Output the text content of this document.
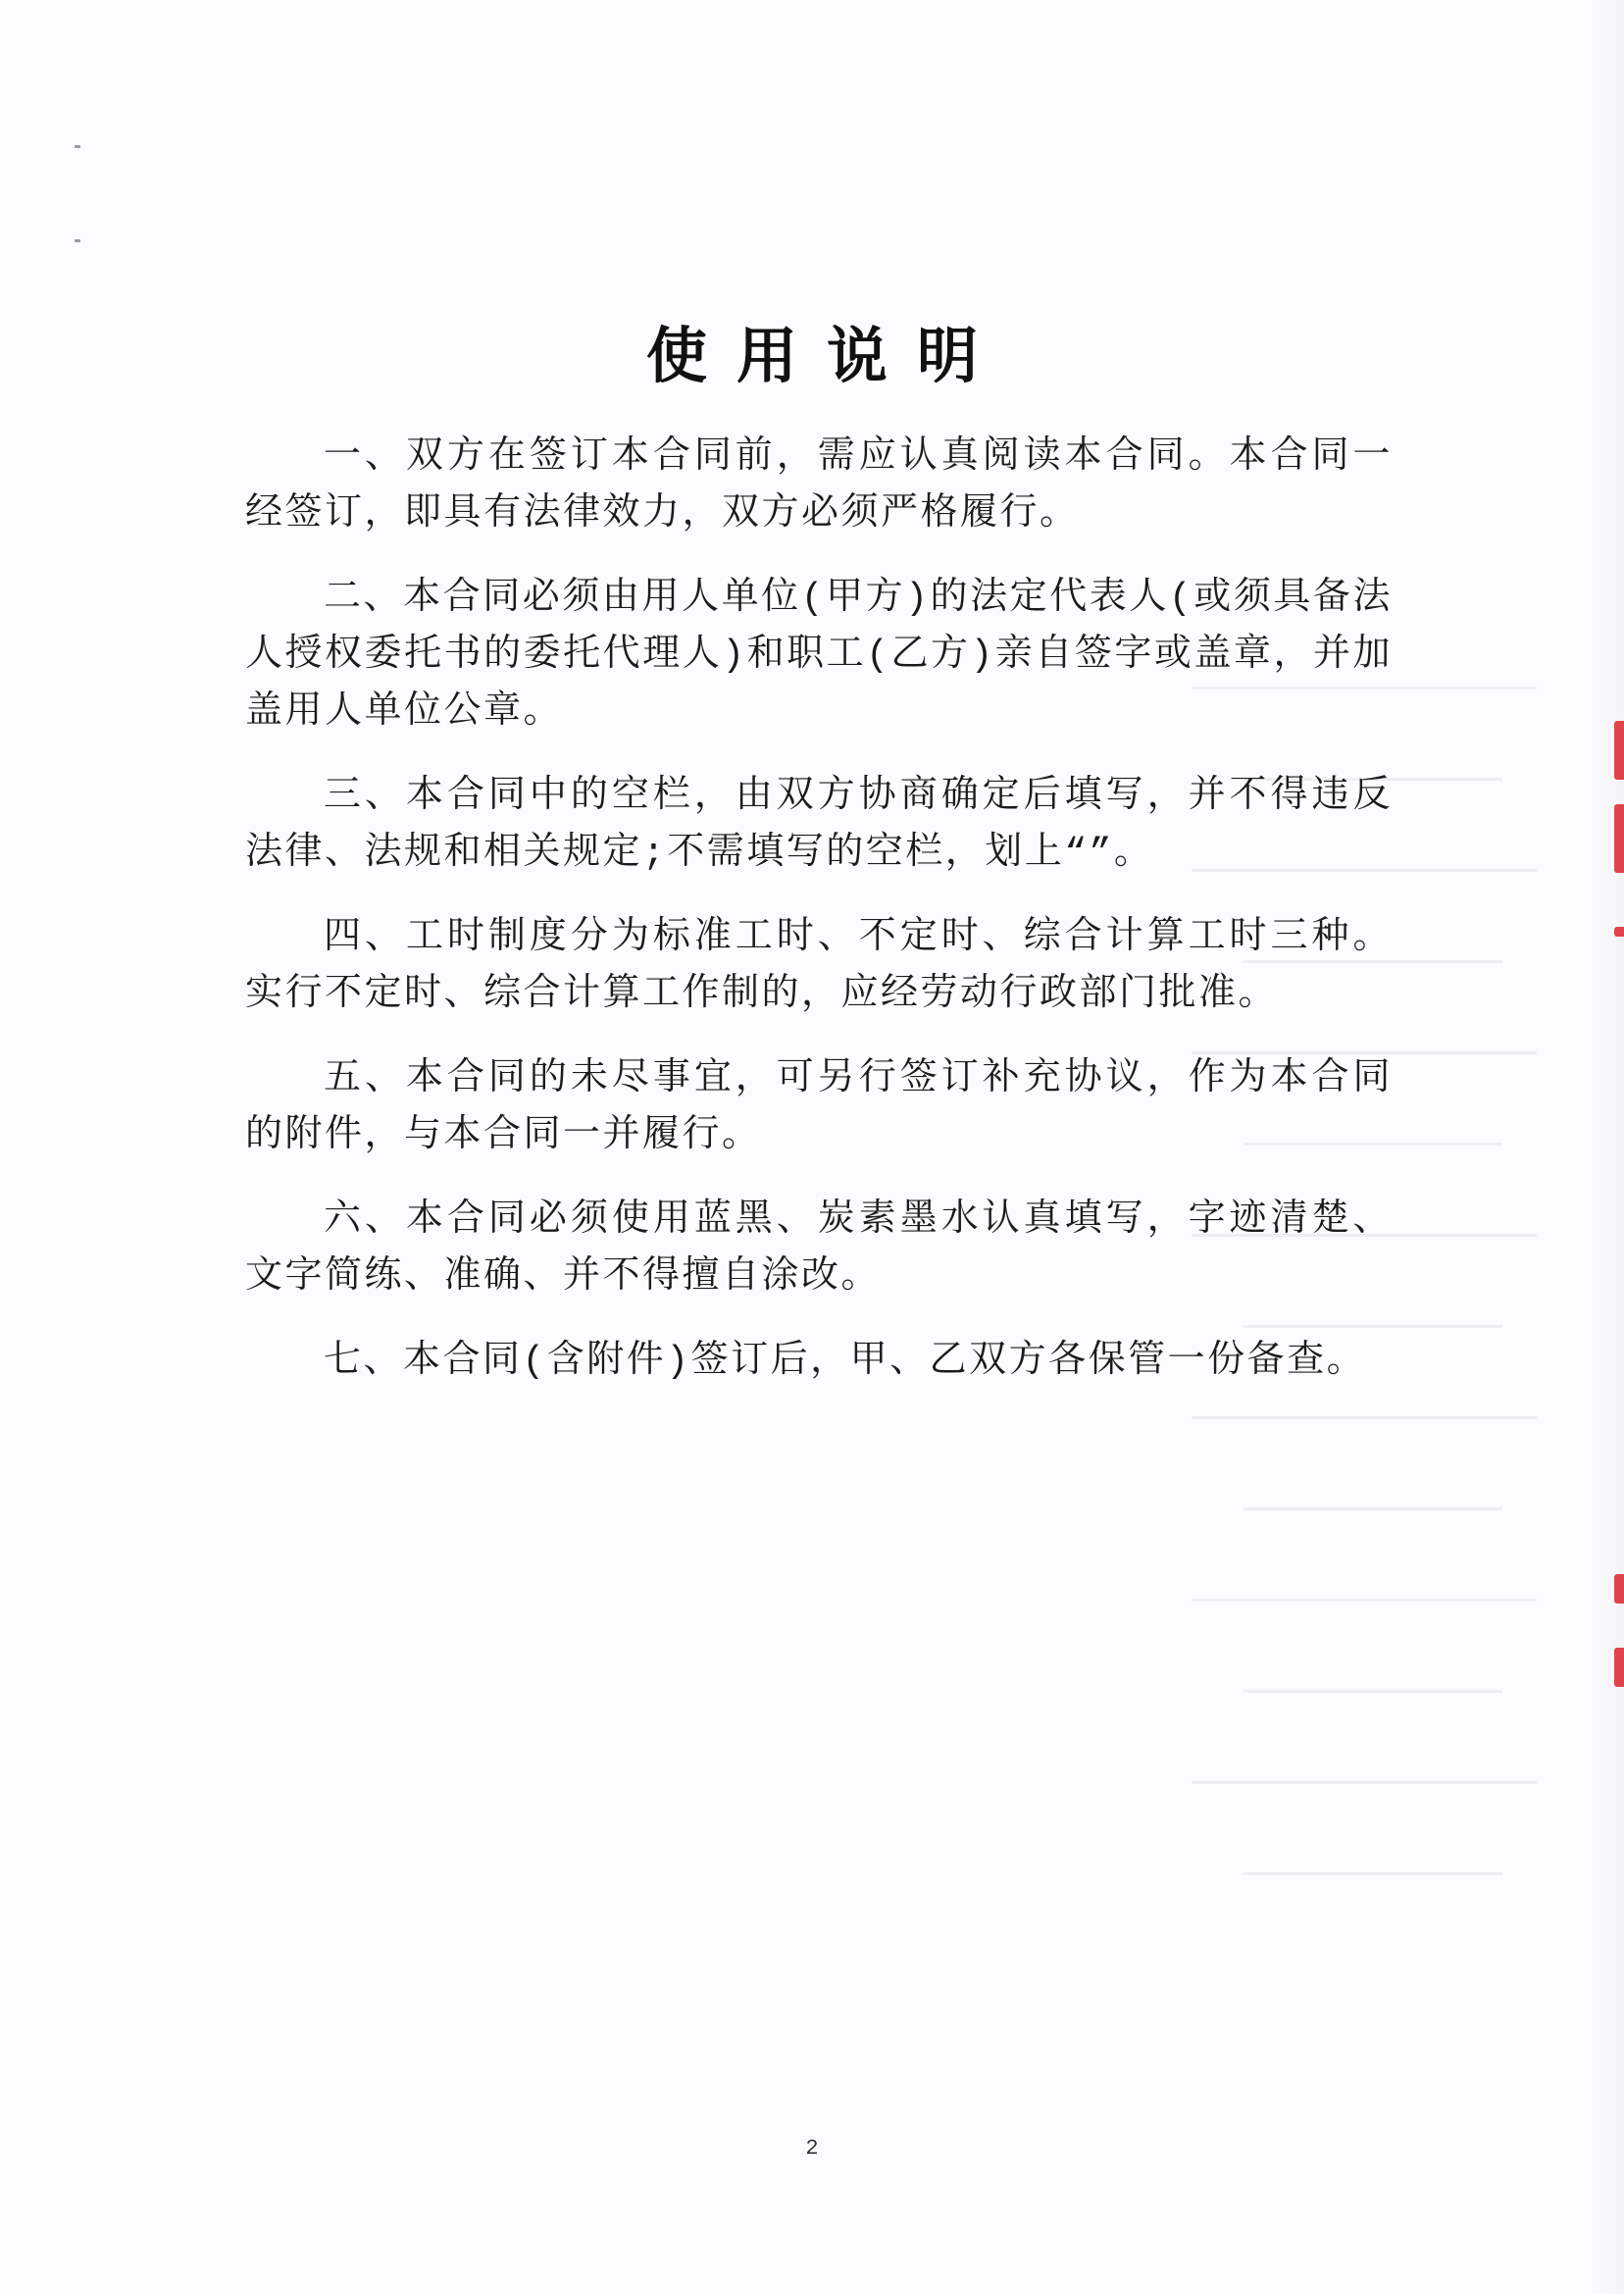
使用说明

一、双方在签订本合同前，需应认真阅读本合同。本合同一经签订，即具有法律效力，双方必须严格履行。

二、本合同必须由用人单位(甲方)的法定代表人(或须具备法人授权委托书的委托代理人)和职工(乙方)亲自签字或盖章，并加盖用人单位公章。

三、本合同中的空栏，由双方协商确定后填写，并不得违反法律、法规和相关规定;不需填写的空栏，划上“”。

四、工时制度分为标准工时、不定时、综合计算工时三种。实行不定时、综合计算工作制的，应经劳动行政部门批准。

五、本合同的未尽事宜，可另行签订补充协议，作为本合同的附件，与本合同一并履行。

六、本合同必须使用蓝黑、炭素墨水认真填写，字迹清楚、文字简练、准确、并不得擅自涂改。

七、本合同(含附件)签订后，甲、乙双方各保管一份备查。

2
